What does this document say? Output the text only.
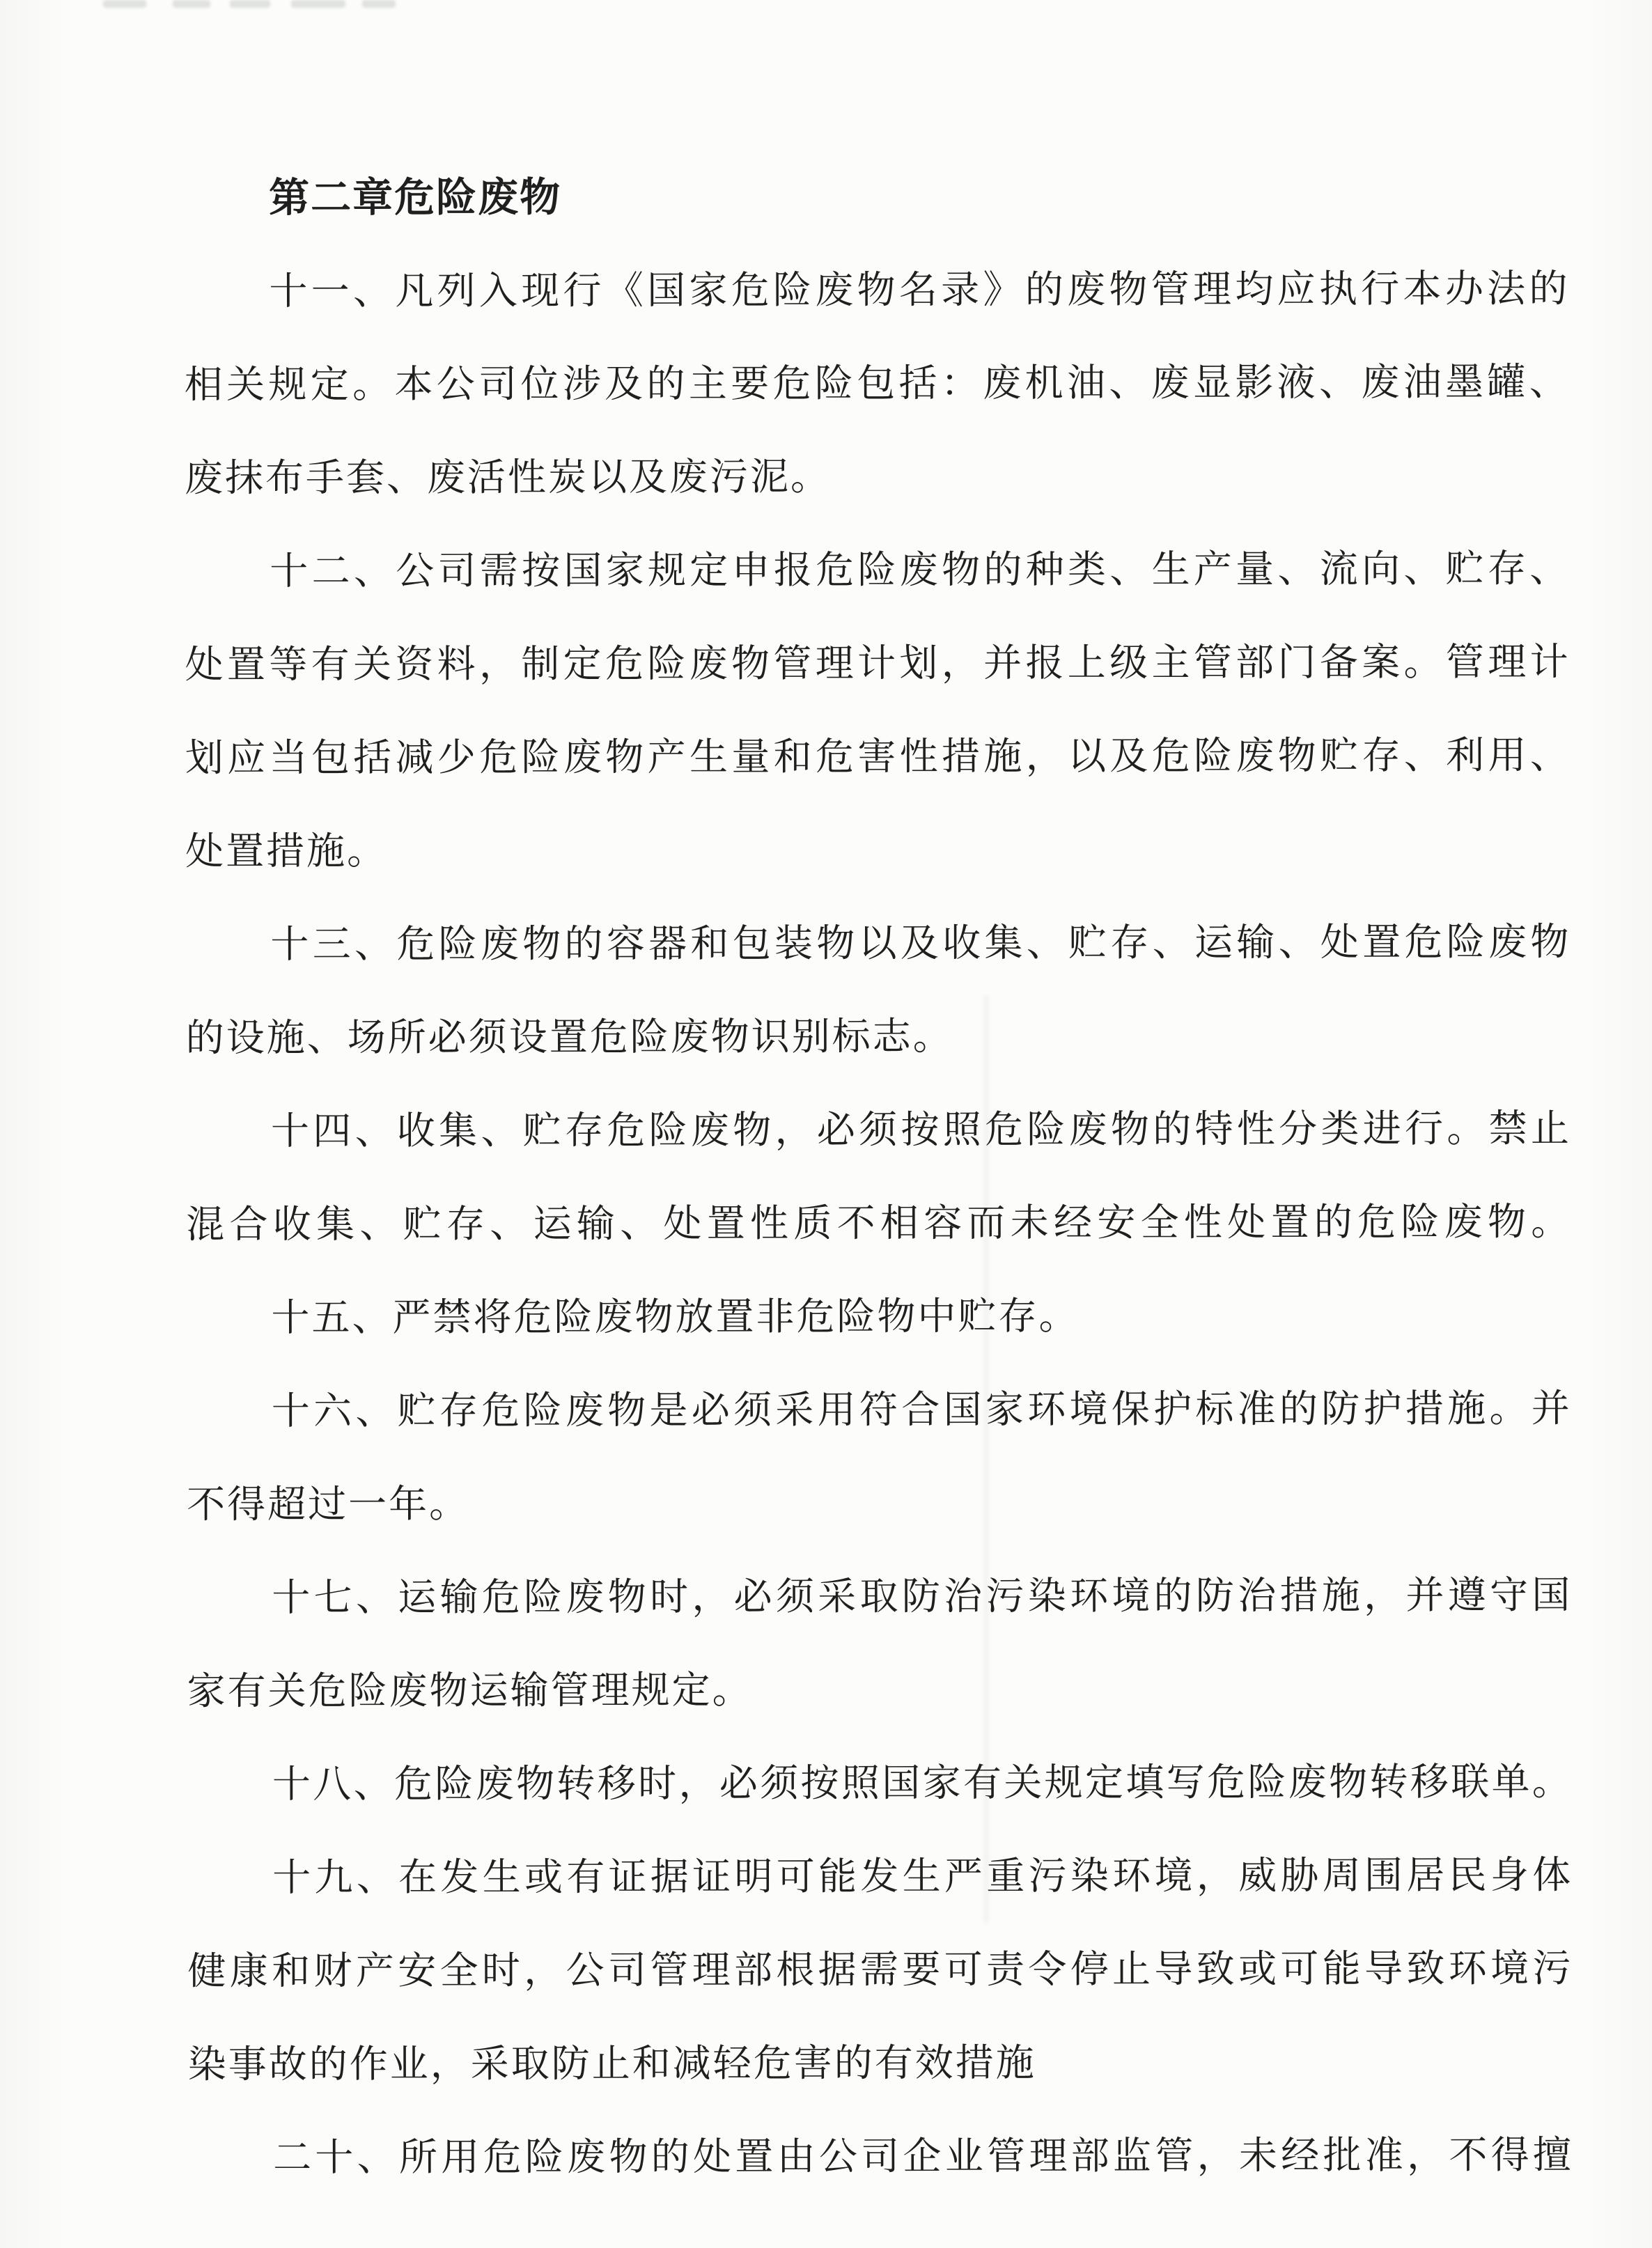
第二章危险废物
十一、凡列入现行《国家危险废物名录》的废物管理均应执行本办法的
相关规定。本公司位涉及的主要危险包括：废机油、废显影液、废油墨罐、
废抹布手套、废活性炭以及废污泥。
十二、公司需按国家规定申报危险废物的种类、生产量、流向、贮存、
处置等有关资料，制定危险废物管理计划，并报上级主管部门备案。管理计
划应当包括减少危险废物产生量和危害性措施，以及危险废物贮存、利用、
处置措施。
十三、危险废物的容器和包装物以及收集、贮存、运输、处置危险废物
的设施、场所必须设置危险废物识别标志。
十四、收集、贮存危险废物，必须按照危险废物的特性分类进行。禁止
混合收集、贮存、运输、处置性质不相容而未经安全性处置的危险废物。
十五、严禁将危险废物放置非危险物中贮存。
十六、贮存危险废物是必须采用符合国家环境保护标准的防护措施。并
不得超过一年。
十七、运输危险废物时，必须采取防治污染环境的防治措施，并遵守国
家有关危险废物运输管理规定。
十八、危险废物转移时，必须按照国家有关规定填写危险废物转移联单。
十九、在发生或有证据证明可能发生严重污染环境，威胁周围居民身体
健康和财产安全时，公司管理部根据需要可责令停止导致或可能导致环境污
染事故的作业，采取防止和减轻危害的有效措施
二十、所用危险废物的处置由公司企业管理部监管，未经批准，不得擅
